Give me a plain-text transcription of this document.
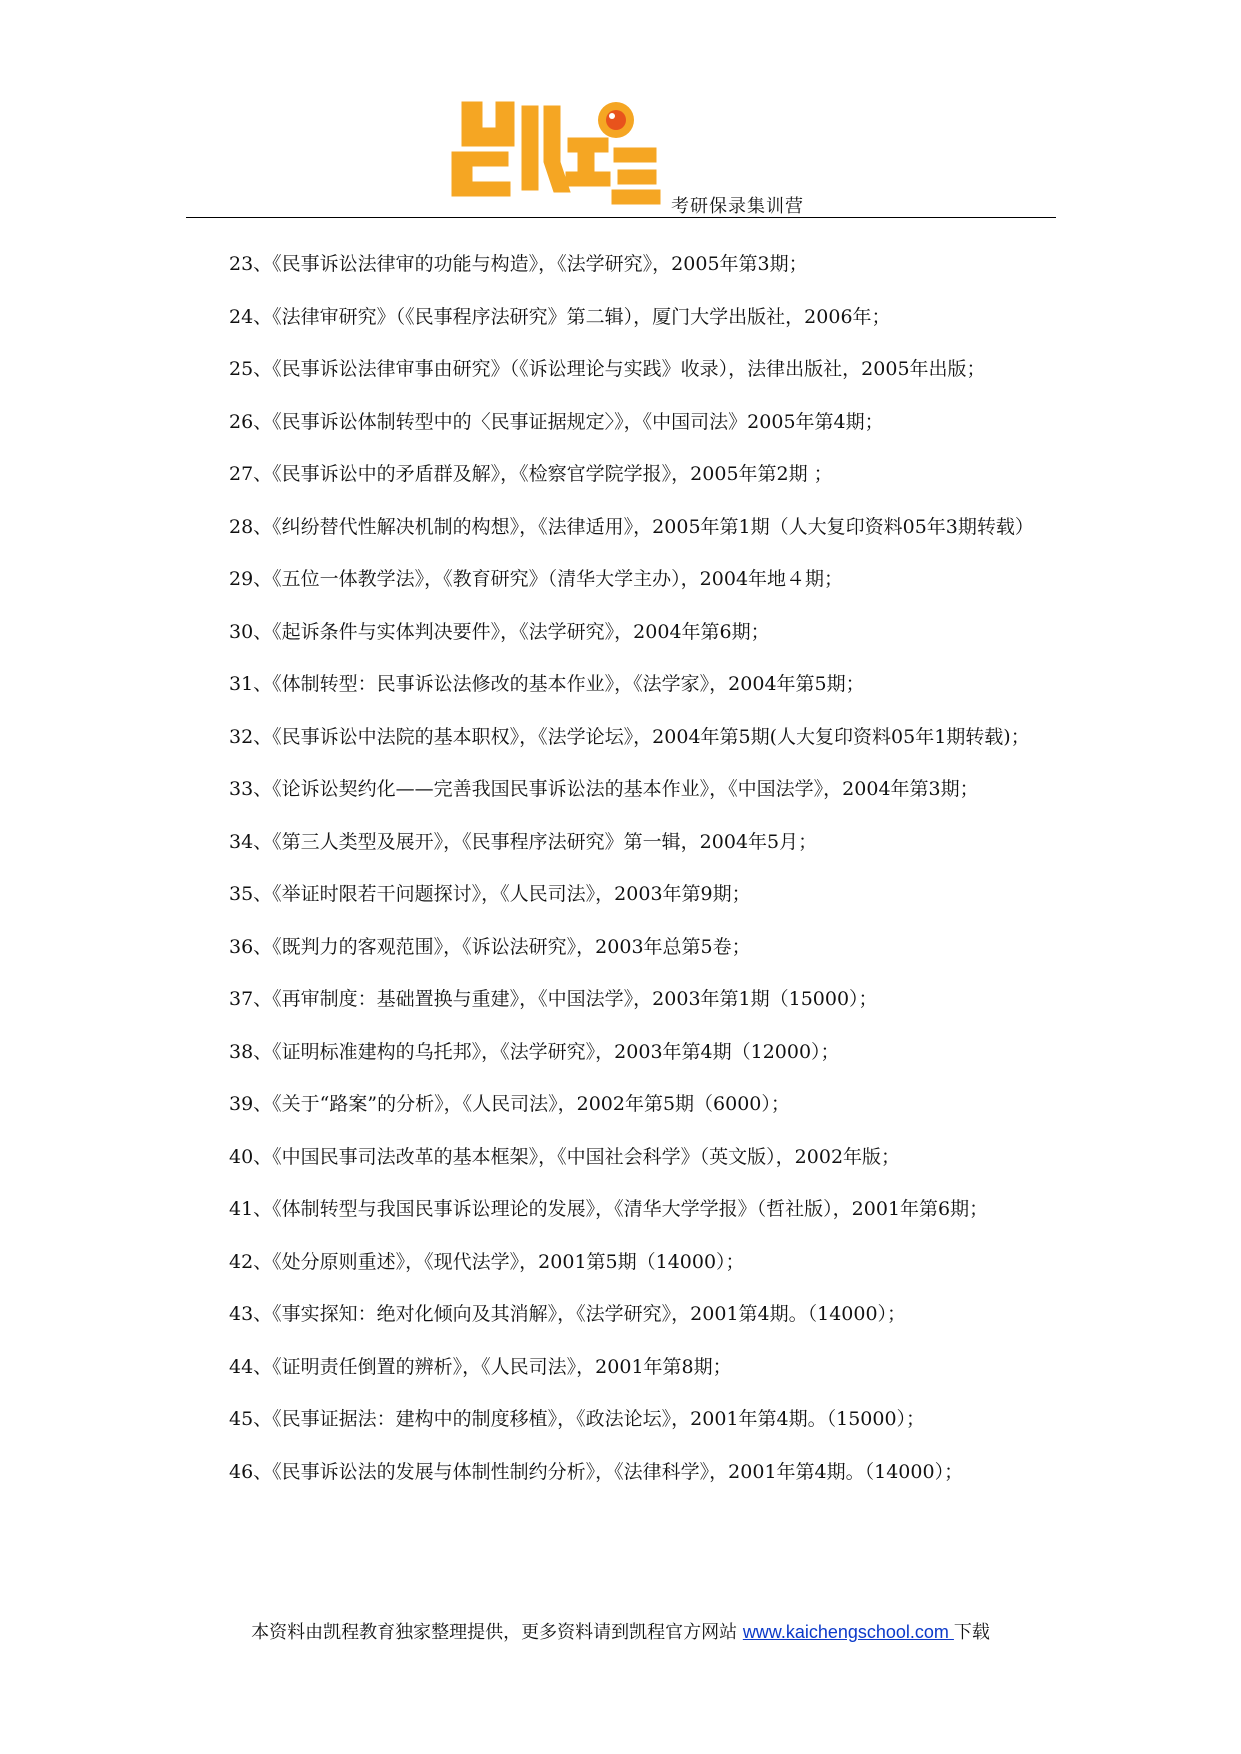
凯程
考研保录集训营

23、《民事诉讼法律审的功能与构造》，《法学研究》，2005年第3期；

24、《法律审研究》（《民事程序法研究》第二辑），厦门大学出版社，2006年；

25、《民事诉讼法律审事由研究》（《诉讼理论与实践》收录），法律出版社，2005年出版；

26、《民事诉讼体制转型中的〈民事证据规定〉》，《中国司法》2005年第4期；

27、《民事诉讼中的矛盾群及解》，《检察官学院学报》，2005年第2期 ；

28、《纠纷替代性解决机制的构想》，《法律适用》，2005年第1期（人大复印资料05年3期转载）

29、《五位一体教学法》，《教育研究》（清华大学主办），2004年地４期；

30、《起诉条件与实体判决要件》，《法学研究》，2004年第6期；

31、《体制转型：民事诉讼法修改的基本作业》，《法学家》，2004年第5期；

32、《民事诉讼中法院的基本职权》，《法学论坛》，2004年第5期(人大复印资料05年1期转载)；

33、《论诉讼契约化——完善我国民事诉讼法的基本作业》，《中国法学》，2004年第3期；

34、《第三人类型及展开》，《民事程序法研究》第一辑，2004年5月；

35、《举证时限若干问题探讨》，《人民司法》，2003年第9期；

36、《既判力的客观范围》，《诉讼法研究》，2003年总第5卷；

37、《再审制度：基础置换与重建》，《中国法学》，2003年第1期（15000）；

38、《证明标准建构的乌托邦》，《法学研究》，2003年第4期（12000）；

39、《关于“路案”的分析》，《人民司法》，2002年第5期（6000）；

40、《中国民事司法改革的基本框架》，《中国社会科学》（英文版），2002年版；

41、《体制转型与我国民事诉讼理论的发展》，《清华大学学报》（哲社版），2001年第6期；

42、《处分原则重述》，《现代法学》，2001第5期（14000）；

43、《事实探知：绝对化倾向及其消解》，《法学研究》，2001第4期。（14000）；

44、《证明责任倒置的辨析》，《人民司法》，2001年第8期；

45、《民事证据法：建构中的制度移植》，《政法论坛》，2001年第4期。（15000）；

46、《民事诉讼法的发展与体制性制约分析》，《法律科学》，2001年第4期。（14000）；

本资料由凯程教育独家整理提供，更多资料请到凯程官方网站 www.kaichengschool.com 下载
